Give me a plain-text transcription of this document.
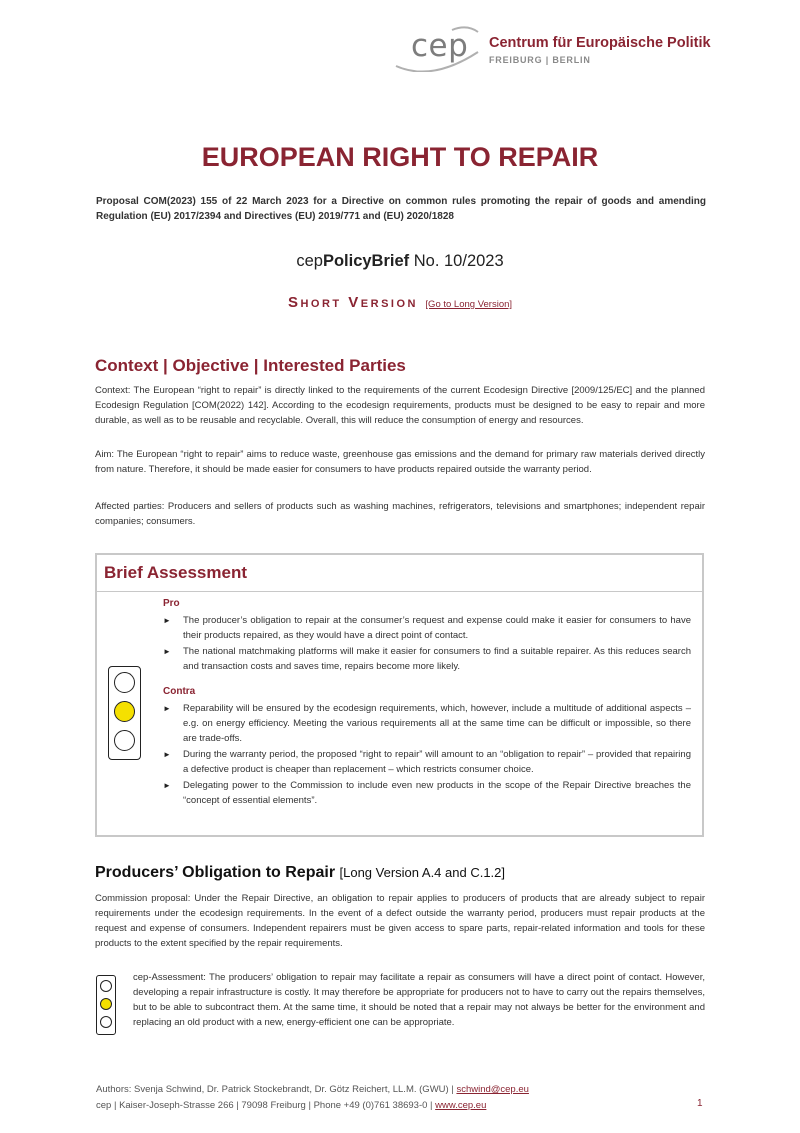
cep Centrum für Europäische Politik
FREIBURG | BERLIN
EUROPEAN RIGHT TO REPAIR
Proposal COM(2023) 155 of 22 March 2023 for a Directive on common rules promoting the repair of goods and amending Regulation (EU) 2017/2394 and Directives (EU) 2019/771 and (EU) 2020/1828
cepPolicyBrief No. 10/2023
Short Version [Go to Long Version]
Context | Objective | Interested Parties
Context: The European “right to repair” is directly linked to the requirements of the current Ecodesign Directive [2009/125/EC] and the planned Ecodesign Regulation [COM(2022) 142]. According to the ecodesign requirements, products must be designed to be easy to repair and more durable, as well as to be reusable and recyclable. Overall, this will reduce the consumption of energy and resources.
Aim: The European “right to repair” aims to reduce waste, greenhouse gas emissions and the demand for primary raw materials derived directly from nature. Therefore, it should be made easier for consumers to have products repaired outside the warranty period.
Affected parties: Producers and sellers of products such as washing machines, refrigerators, televisions and smartphones; independent repair companies; consumers.
Brief Assessment
Pro
► The producer’s obligation to repair at the consumer’s request and expense could make it easier for consumers to have their products repaired, as they would have a direct point of contact.
► The national matchmaking platforms will make it easier for consumers to find a suitable repairer. As this reduces search and transaction costs and saves time, repairs become more likely.
Contra
► Reparability will be ensured by the ecodesign requirements, which, however, include a multitude of additional aspects – e.g. on energy efficiency. Meeting the various requirements all at the same time can be difficult or impossible, so there are trade-offs.
► During the warranty period, the proposed “right to repair” will amount to an “obligation to repair” – provided that repairing a defective product is cheaper than replacement – which restricts consumer choice.
► Delegating power to the Commission to include even new products in the scope of the Repair Directive breaches the “concept of essential elements”.
Producers’ Obligation to Repair [Long Version A.4 and C.1.2]
Commission proposal: Under the Repair Directive, an obligation to repair applies to producers of products that are already subject to repair requirements under the ecodesign requirements. In the event of a defect outside the warranty period, producers must repair products at the request and expense of consumers. Independent repairers must be given access to spare parts, repair-related information and tools for these products to the extent specified by the repair requirements.
cep-Assessment: The producers’ obligation to repair may facilitate a repair as consumers will have a direct point of contact. However, developing a repair infrastructure is costly. It may therefore be appropriate for producers not to have to carry out the repairs themselves, but to be able to subcontract them. At the same time, it should be noted that a repair may not always be better for the environment and replacing an old product with a new, energy-efficient one can be appropriate.
Authors: Svenja Schwind, Dr. Patrick Stockebrandt, Dr. Götz Reichert, LL.M. (GWU) | schwind@cep.eu
cep | Kaiser-Joseph-Strasse 266 | 79098 Freiburg | Phone +49 (0)761 38693-0 | www.cep.eu	1
